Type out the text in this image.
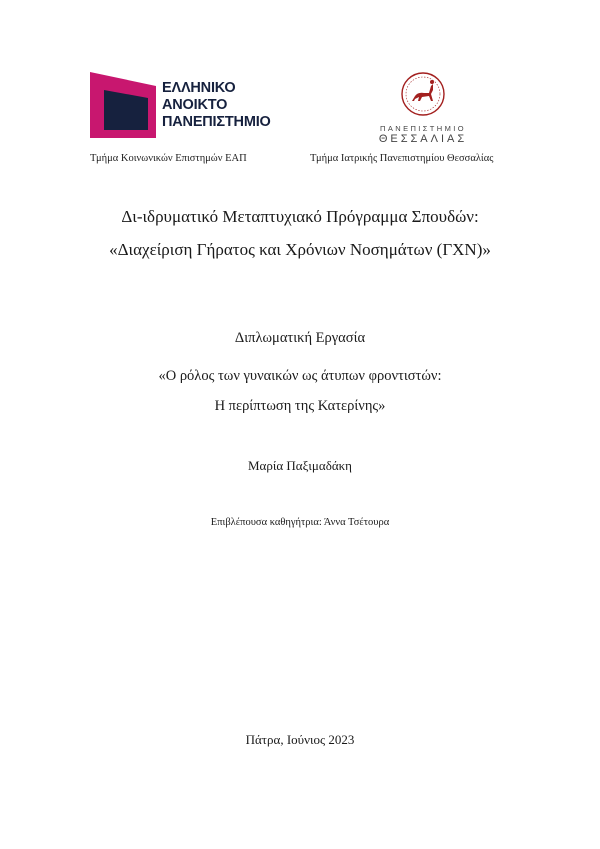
ΕΛΛΗΝΙΚΟ
ΑΝΟΙΚΤΟ
ΠΑΝΕΠΙΣΤΗΜΙΟ	ΠΑΝΕΠΙΣΤΗΜΙΟ
ΘΕΣΣΑΛΙΑΣ
Τμήμα Κοινωνικών Επιστημών ΕΑΠ	Τμήμα Ιατρικής Πανεπιστημίου Θεσσαλίας
Δι-ιδρυματικό Μεταπτυχιακό Πρόγραμμα Σπουδών:
«Διαχείριση Γήρατος και Χρόνιων Νοσημάτων (ΓΧΝ)»
Διπλωματική Εργασία
«Ο ρόλος των γυναικών ως άτυπων φροντιστών:
Η περίπτωση της Κατερίνης»
Μαρία Παξιμαδάκη
Επιβλέπουσα καθηγήτρια: Άννα Τσέτουρα
Πάτρα, Ιούνιος 2023
